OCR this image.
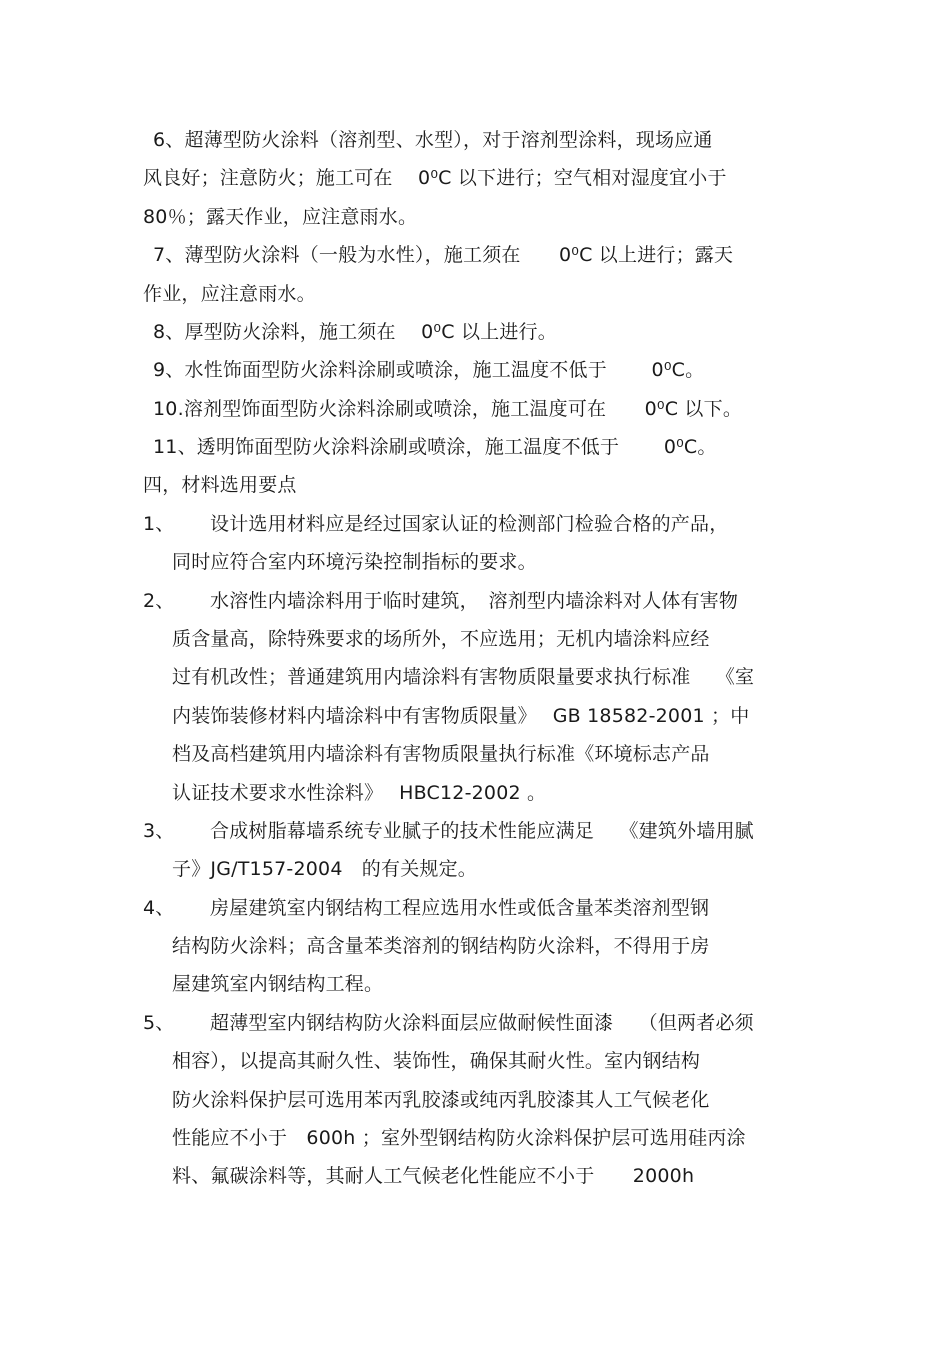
6、超薄型防火涂料（溶剂型、水型），对于溶剂型涂料，现场应通
风良好；注意防火；施工可在　 0⁰C 以下进行；空气相对湿度宜小于
80％；露天作业，应注意雨水。
7、薄型防火涂料（一般为水性），施工须在　　0⁰C 以上进行；露天
作业，应注意雨水。
8、厚型防火涂料，施工须在　 0⁰C 以上进行。
9、水性饰面型防火涂料涂刷或喷涂，施工温度不低于　　 0⁰C。
10.溶剂型饰面型防火涂料涂刷或喷涂，施工温度可在　　0⁰C 以下。
11、透明饰面型防火涂料涂刷或喷涂，施工温度不低于　　 0⁰C。
四，材料选用要点
1、 设计选用材料应是经过国家认证的检测部门检验合格的产品，
同时应符合室内环境污染控制指标的要求。
2、 水溶性内墙涂料用于临时建筑，　溶剂型内墙涂料对人体有害物
质含量高，除特殊要求的场所外，不应选用；无机内墙涂料应经
过有机改性；普通建筑用内墙涂料有害物质限量要求执行标准　 《室
内装饰装修材料内墙涂料中有害物质限量》　 GB 18582-2001 ；中
档及高档建筑用内墙涂料有害物质限量执行标准《环境标志产品
认证技术要求水性涂料》　 HBC12-2002 。
3、 合成树脂幕墙系统专业腻子的技术性能应满足　 《建筑外墙用腻
子》JG/T157-2004　的有关规定。
4、 房屋建筑室内钢结构工程应选用水性或低含量苯类溶剂型钢
结构防火涂料；高含量苯类溶剂的钢结构防火涂料，不得用于房
屋建筑室内钢结构工程。
5、 超薄型室内钢结构防火涂料面层应做耐候性面漆　 （但两者必须
相容），以提高其耐久性、装饰性，确保其耐火性。室内钢结构
防火涂料保护层可选用苯丙乳胶漆或纯丙乳胶漆其人工气候老化
性能应不小于　600h ；室外型钢结构防火涂料保护层可选用硅丙涂
料、氟碳涂料等，其耐人工气候老化性能应不小于　　2000h
